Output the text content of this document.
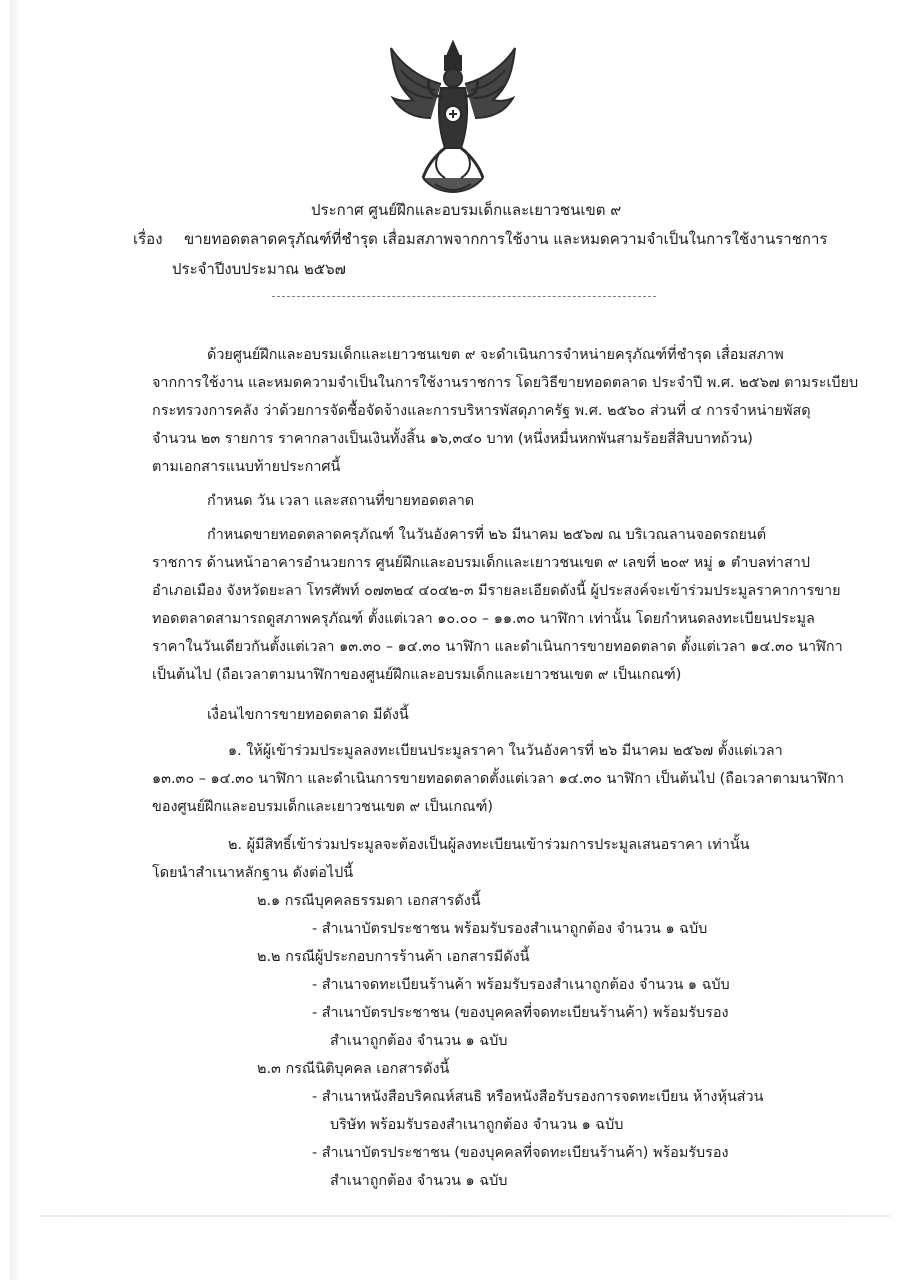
ประกาศ ศูนย์ฝึกและอบรมเด็กและเยาวชนเขต ๙
เรื่อง ขายทอดตลาดครุภัณฑ์ที่ชำรุด เสื่อมสภาพจากการใช้งาน และหมดความจำเป็นในการใช้งานราชการ
ประจำปีงบประมาณ ๒๕๖๗
ด้วยศูนย์ฝึกและอบรมเด็กและเยาวชนเขต ๙ จะดำเนินการจำหน่ายครุภัณฑ์ที่ชำรุด เสื่อมสภาพ
จากการใช้งาน และหมดความจำเป็นในการใช้งานราชการ โดยวิธีขายทอดตลาด ประจำปี พ.ศ. ๒๕๖๗ ตามระเบียบ
กระทรวงการคลัง ว่าด้วยการจัดซื้อจัดจ้างและการบริหารพัสดุภาครัฐ พ.ศ. ๒๕๖๐ ส่วนที่ ๔ การจำหน่ายพัสดุ
จำนวน ๒๓ รายการ ราคากลางเป็นเงินทั้งสิ้น ๑๖,๓๔๐ บาท (หนึ่งหมื่นหกพันสามร้อยสี่สิบบาทถ้วน)
ตามเอกสารแนบท้ายประกาศนี้
กำหนด วัน เวลา และสถานที่ขายทอดตลาด
กำหนดขายทอดตลาดครุภัณฑ์ ในวันอังคารที่ ๒๖ มีนาคม ๒๕๖๗ ณ บริเวณลานจอดรถยนต์
ราชการ ด้านหน้าอาคารอำนวยการ ศูนย์ฝึกและอบรมเด็กและเยาวชนเขต ๙ เลขที่ ๒๐๙ หมู่ ๑ ตำบลท่าสาป
อำเภอเมือง จังหวัดยะลา โทรศัพท์ ๐๗๓๒๔ ๔๐๔๒-๓ มีรายละเอียดดังนี้ ผู้ประสงค์จะเข้าร่วมประมูลราคาการขาย
ทอดตลาดสามารถดูสภาพครุภัณฑ์ ตั้งแต่เวลา ๑๐.๐๐ – ๑๑.๓๐ นาฬิกา เท่านั้น โดยกำหนดลงทะเบียนประมูล
ราคาในวันเดียวกันตั้งแต่เวลา ๑๓.๓๐ – ๑๔.๓๐ นาฬิกา และดำเนินการขายทอดตลาด ตั้งแต่เวลา ๑๔.๓๐ นาฬิกา
เป็นต้นไป (ถือเวลาตามนาฬิกาของศูนย์ฝึกและอบรมเด็กและเยาวชนเขต ๙ เป็นเกณฑ์)
เงื่อนไขการขายทอดตลาด มีดังนี้
๑. ให้ผู้เข้าร่วมประมูลลงทะเบียนประมูลราคา ในวันอังคารที่ ๒๖ มีนาคม ๒๕๖๗ ตั้งแต่เวลา
๑๓.๓๐ – ๑๔.๓๐ นาฬิกา และดำเนินการขายทอดตลาดตั้งแต่เวลา ๑๔.๓๐ นาฬิกา เป็นต้นไป (ถือเวลาตามนาฬิกา
ของศูนย์ฝึกและอบรมเด็กและเยาวชนเขต ๙ เป็นเกณฑ์)
๒. ผู้มีสิทธิ์เข้าร่วมประมูลจะต้องเป็นผู้ลงทะเบียนเข้าร่วมการประมูลเสนอราคา เท่านั้น
โดยนำสำเนาหลักฐาน ดังต่อไปนี้
๒.๑ กรณีบุคคลธรรมดา เอกสารดังนี้
- สำเนาบัตรประชาชน พร้อมรับรองสำเนาถูกต้อง จำนวน ๑ ฉบับ
๒.๒ กรณีผู้ประกอบการร้านค้า เอกสารมีดังนี้
- สำเนาจดทะเบียนร้านค้า พร้อมรับรองสำเนาถูกต้อง จำนวน ๑ ฉบับ
- สำเนาบัตรประชาชน (ของบุคคลที่จดทะเบียนร้านค้า) พร้อมรับรอง
สำเนาถูกต้อง จำนวน ๑ ฉบับ
๒.๓ กรณีนิติบุคคล เอกสารดังนี้
- สำเนาหนังสือบริคณห์สนธิ หรือหนังสือรับรองการจดทะเบียน ห้างหุ้นส่วน
บริษัท พร้อมรับรองสำเนาถูกต้อง จำนวน ๑ ฉบับ
- สำเนาบัตรประชาชน (ของบุคคลที่จดทะเบียนร้านค้า) พร้อมรับรอง
สำเนาถูกต้อง จำนวน ๑ ฉบับ
